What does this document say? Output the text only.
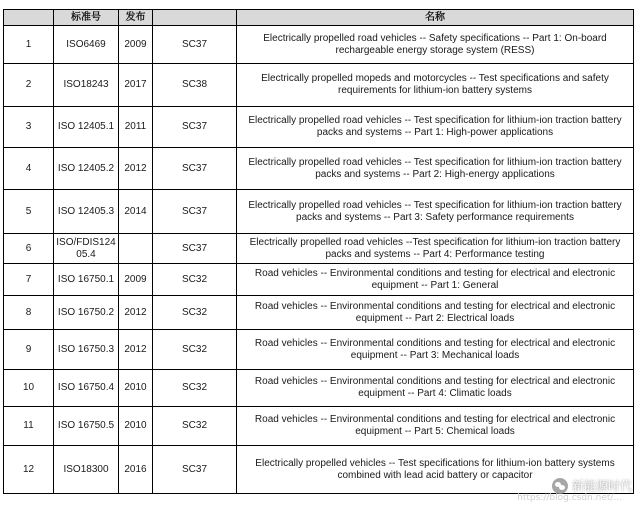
	标准号	发布		名称
1	ISO6469	2009	SC37	Electrically propelled road vehicles -- Safety specifications -- Part 1: On-board rechargeable energy storage system (RESS)
2	ISO18243	2017	SC38	Electrically propelled mopeds and motorcycles -- Test specifications and safety requirements for lithium-ion battery systems
3	ISO 12405.1	2011	SC37	Electrically propelled road vehicles -- Test specification for lithium-ion traction battery packs and systems -- Part 1: High-power applications
4	ISO 12405.2	2012	SC37	Electrically propelled road vehicles -- Test specification for lithium-ion traction battery packs and systems -- Part 2: High-energy applications
5	ISO 12405.3	2014	SC37	Electrically propelled road vehicles -- Test specification for lithium-ion traction battery packs and systems -- Part 3: Safety performance requirements
6	ISO/FDIS12405.4		SC37	Electrically propelled road vehicles --Test specification for lithium-ion traction battery packs and systems -- Part 4: Performance testing
7	ISO 16750.1	2009	SC32	Road vehicles -- Environmental conditions and testing for electrical and electronic equipment -- Part 1: General
8	ISO 16750.2	2012	SC32	Road vehicles -- Environmental conditions and testing for electrical and electronic equipment -- Part 2: Electrical loads
9	ISO 16750.3	2012	SC32	Road vehicles -- Environmental conditions and testing for electrical and electronic equipment -- Part 3: Mechanical loads
10	ISO 16750.4	2010	SC32	Road vehicles -- Environmental conditions and testing for electrical and electronic equipment -- Part 4: Climatic loads
11	ISO 16750.5	2010	SC32	Road vehicles -- Environmental conditions and testing for electrical and electronic equipment -- Part 5: Chemical loads
12	ISO18300	2016	SC37	Electrically propelled vehicles -- Test specifications for lithium-ion battery systems combined with lead acid battery or capacitor
新能源时代
https://blog.csdn.net/...
